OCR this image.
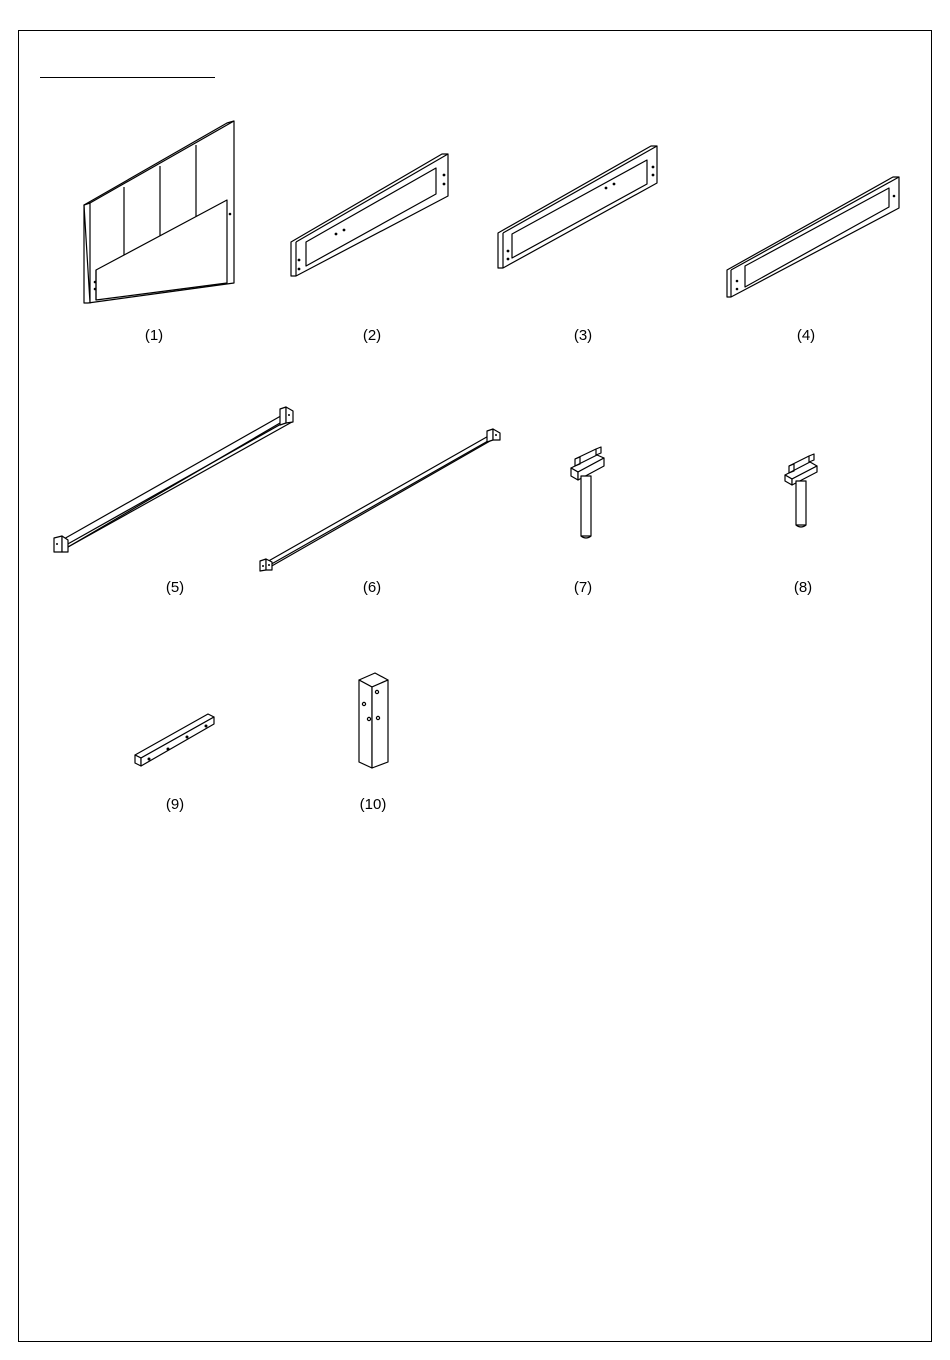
(1)	(2)	(3)	(4)
(5)	(6)	(7)	(8)
(9)	(10)
